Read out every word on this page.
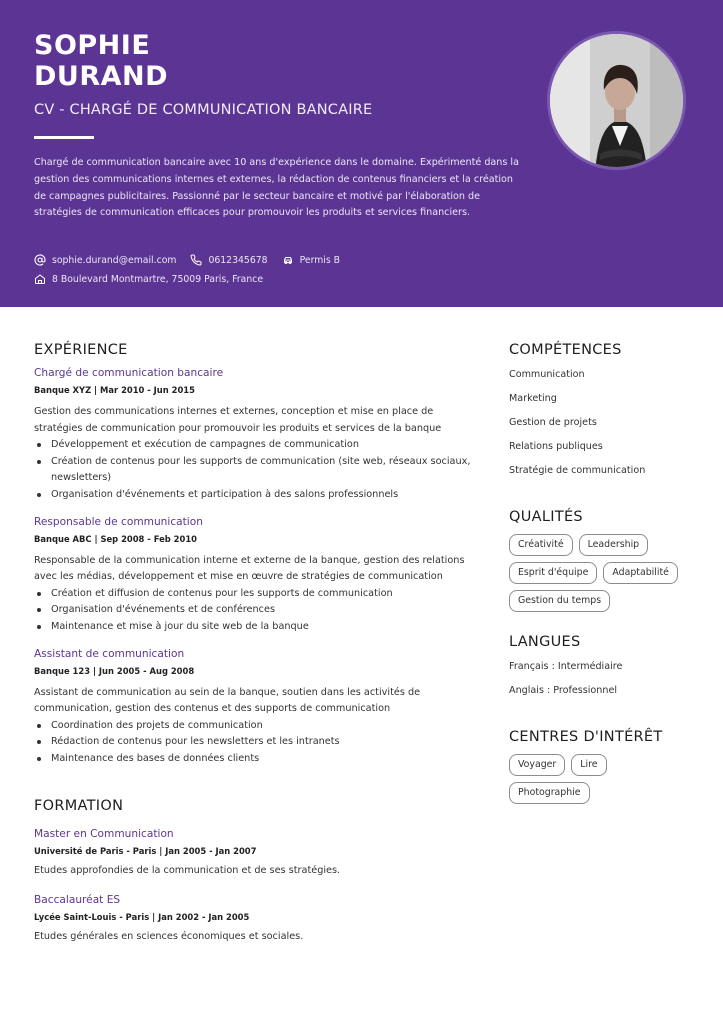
SOPHIE
DURAND
CV - CHARGÉ DE COMMUNICATION BANCAIRE
Chargé de communication bancaire avec 10 ans d'expérience dans le domaine. Expérimenté dans la gestion des communications internes et externes, la rédaction de contenus financiers et la création de campagnes publicitaires. Passionné par le secteur bancaire et motivé par l'élaboration de stratégies de communication efficaces pour promouvoir les produits et services financiers.
sophie.durand@email.com	0612345678	Permis B
8 Boulevard Montmartre, 75009 Paris, France
EXPÉRIENCE
Chargé de communication bancaire
Banque XYZ | Mar 2010 - Jun 2015
Gestion des communications internes et externes, conception et mise en place de stratégies de communication pour promouvoir les produits et services de la banque
Développement et exécution de campagnes de communication
Création de contenus pour les supports de communication (site web, réseaux sociaux, newsletters)
Organisation d'événements et participation à des salons professionnels
Responsable de communication
Banque ABC | Sep 2008 - Feb 2010
Responsable de la communication interne et externe de la banque, gestion des relations avec les médias, développement et mise en œuvre de stratégies de communication
Création et diffusion de contenus pour les supports de communication
Organisation d'événements et de conférences
Maintenance et mise à jour du site web de la banque
Assistant de communication
Banque 123 | Jun 2005 - Aug 2008
Assistant de communication au sein de la banque, soutien dans les activités de communication, gestion des contenus et des supports de communication
Coordination des projets de communication
Rédaction de contenus pour les newsletters et les intranets
Maintenance des bases de données clients
FORMATION
Master en Communication
Université de Paris - Paris | Jan 2005 - Jan 2007
Etudes approfondies de la communication et de ses stratégies.
Baccalauréat ES
Lycée Saint-Louis - Paris | Jan 2002 - Jan 2005
Etudes générales en sciences économiques et sociales.
COMPÉTENCES
Communication
Marketing
Gestion de projets
Relations publiques
Stratégie de communication
QUALITÉS
Créativité	Leadership
Esprit d'équipe	Adaptabilité
Gestion du temps
LANGUES
Français : Intermédiaire
Anglais : Professionnel
CENTRES D'INTÉRÊT
Voyager	Lire
Photographie
